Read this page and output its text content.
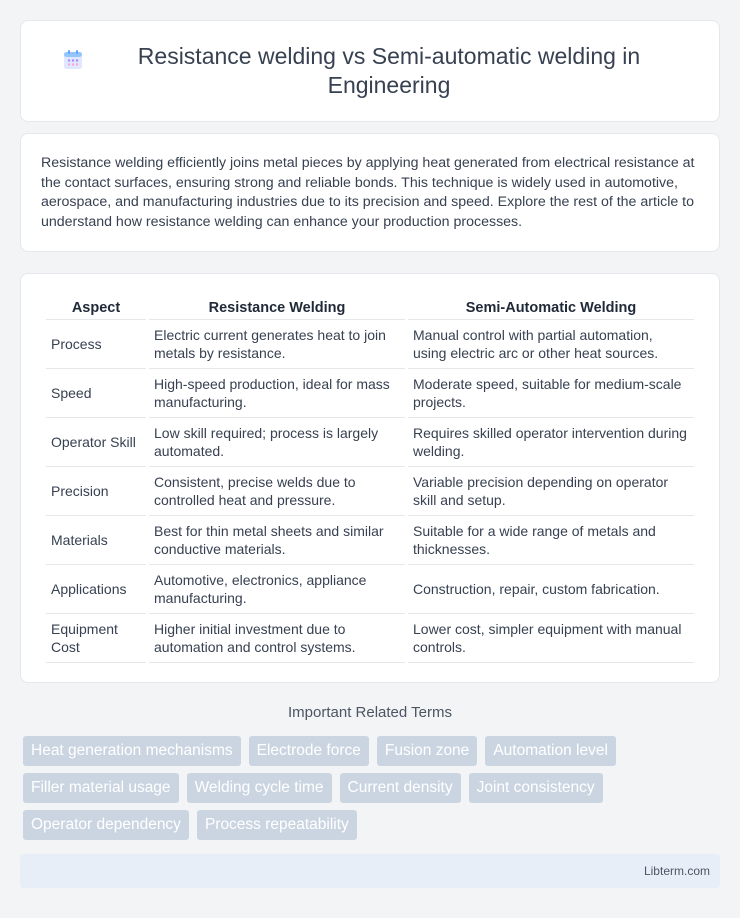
Resistance welding vs Semi-automatic welding in Engineering

Resistance welding efficiently joins metal pieces by applying heat generated from electrical resistance at the contact surfaces, ensuring strong and reliable bonds. This technique is widely used in automotive, aerospace, and manufacturing industries due to its precision and speed. Explore the rest of the article to understand how resistance welding can enhance your production processes.

Aspect	Resistance Welding	Semi-Automatic Welding
Process	Electric current generates heat to join metals by resistance.	Manual control with partial automation, using electric arc or other heat sources.
Speed	High-speed production, ideal for mass manufacturing.	Moderate speed, suitable for medium-scale projects.
Operator Skill	Low skill required; process is largely automated.	Requires skilled operator intervention during welding.
Precision	Consistent, precise welds due to controlled heat and pressure.	Variable precision depending on operator skill and setup.
Materials	Best for thin metal sheets and similar conductive materials.	Suitable for a wide range of metals and thicknesses.
Applications	Automotive, electronics, appliance manufacturing.	Construction, repair, custom fabrication.
Equipment Cost	Higher initial investment due to automation and control systems.	Lower cost, simpler equipment with manual controls.
Important Related Terms
Heat generation mechanisms	Electrode force	Fusion zone	Automation level
Filler material usage	Welding cycle time	Current density	Joint consistency
Operator dependency	Process repeatability
Libterm.com
